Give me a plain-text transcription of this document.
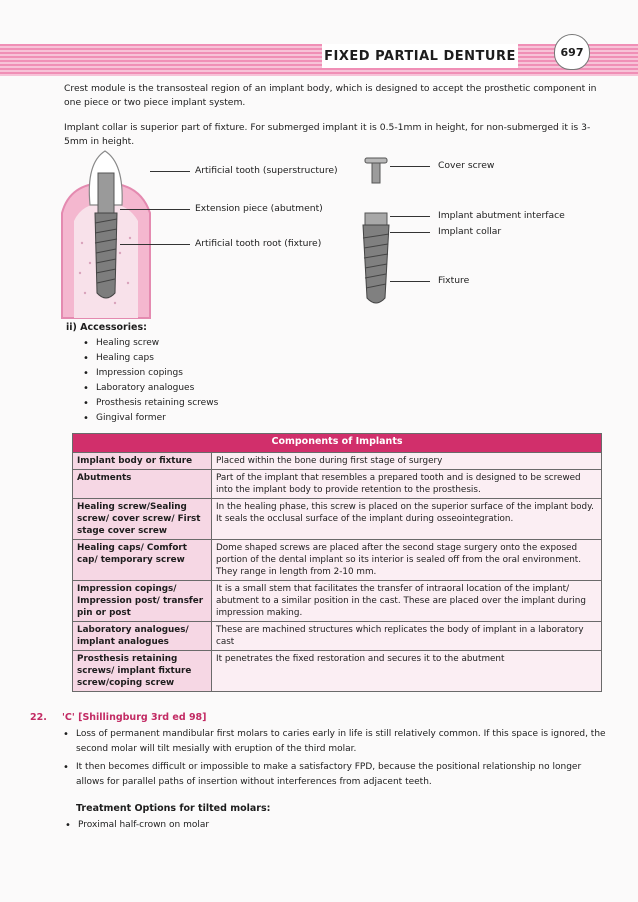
FIXED PARTIAL DENTURE	697
Crest module is the transosteal region of an implant body, which is designed to accept the prosthetic component in one piece or two piece implant system.
Implant collar is superior part of fixture. For submerged implant it is 0.5-1mm in height, for non-submerged it is 3-5mm in height.
Artificial tooth (superstructure)
Extension piece (abutment)
Artificial tooth root (fixture)
Cover screw
Implant abutment interface
Implant collar
Fixture
ii) Accessories:
• Healing screw
• Healing caps
• Impression copings
• Laboratory analogues
• Prosthesis retaining screws
• Gingival former
Components of Implants	
Implant body or fixture	Placed within the bone during first stage of surgery
Abutments	Part of the implant that resembles a prepared tooth and is designed to be screwed into the implant body to provide retention to the prosthesis.
Healing screw/Sealing screw/ cover screw/ First stage cover screw	In the healing phase, this screw is placed on the superior surface of the implant body. It seals the occlusal surface of the implant during osseointegration.
Healing caps/ Comfort cap/ temporary screw	Dome shaped screws are placed after the second stage surgery onto the exposed portion of the dental implant so its interior is sealed off from the oral environment. They range in length from 2-10 mm.
Impression copings/ Impression post/ transfer pin or post	It is a small stem that facilitates the transfer of intraoral location of the implant/ abutment to a similar position in the cast. These are placed over the implant during impression making.
Laboratory analogues/ implant analogues	These are machined structures which replicates the body of implant in a laboratory cast
Prosthesis retaining screws/ implant fixture screw/coping screw	It penetrates the fixed restoration and secures it to the abutment
22. 'C' [Shillingburg 3rd ed 98]
• Loss of permanent mandibular first molars to caries early in life is still relatively common. If this space is ignored, the second molar will tilt mesially with eruption of the third molar.
• It then becomes difficult or impossible to make a satisfactory FPD, because the positional relationship no longer allows for parallel paths of insertion without interferences from adjacent teeth.
Treatment Options for tilted molars:
• Proximal half-crown on molar
